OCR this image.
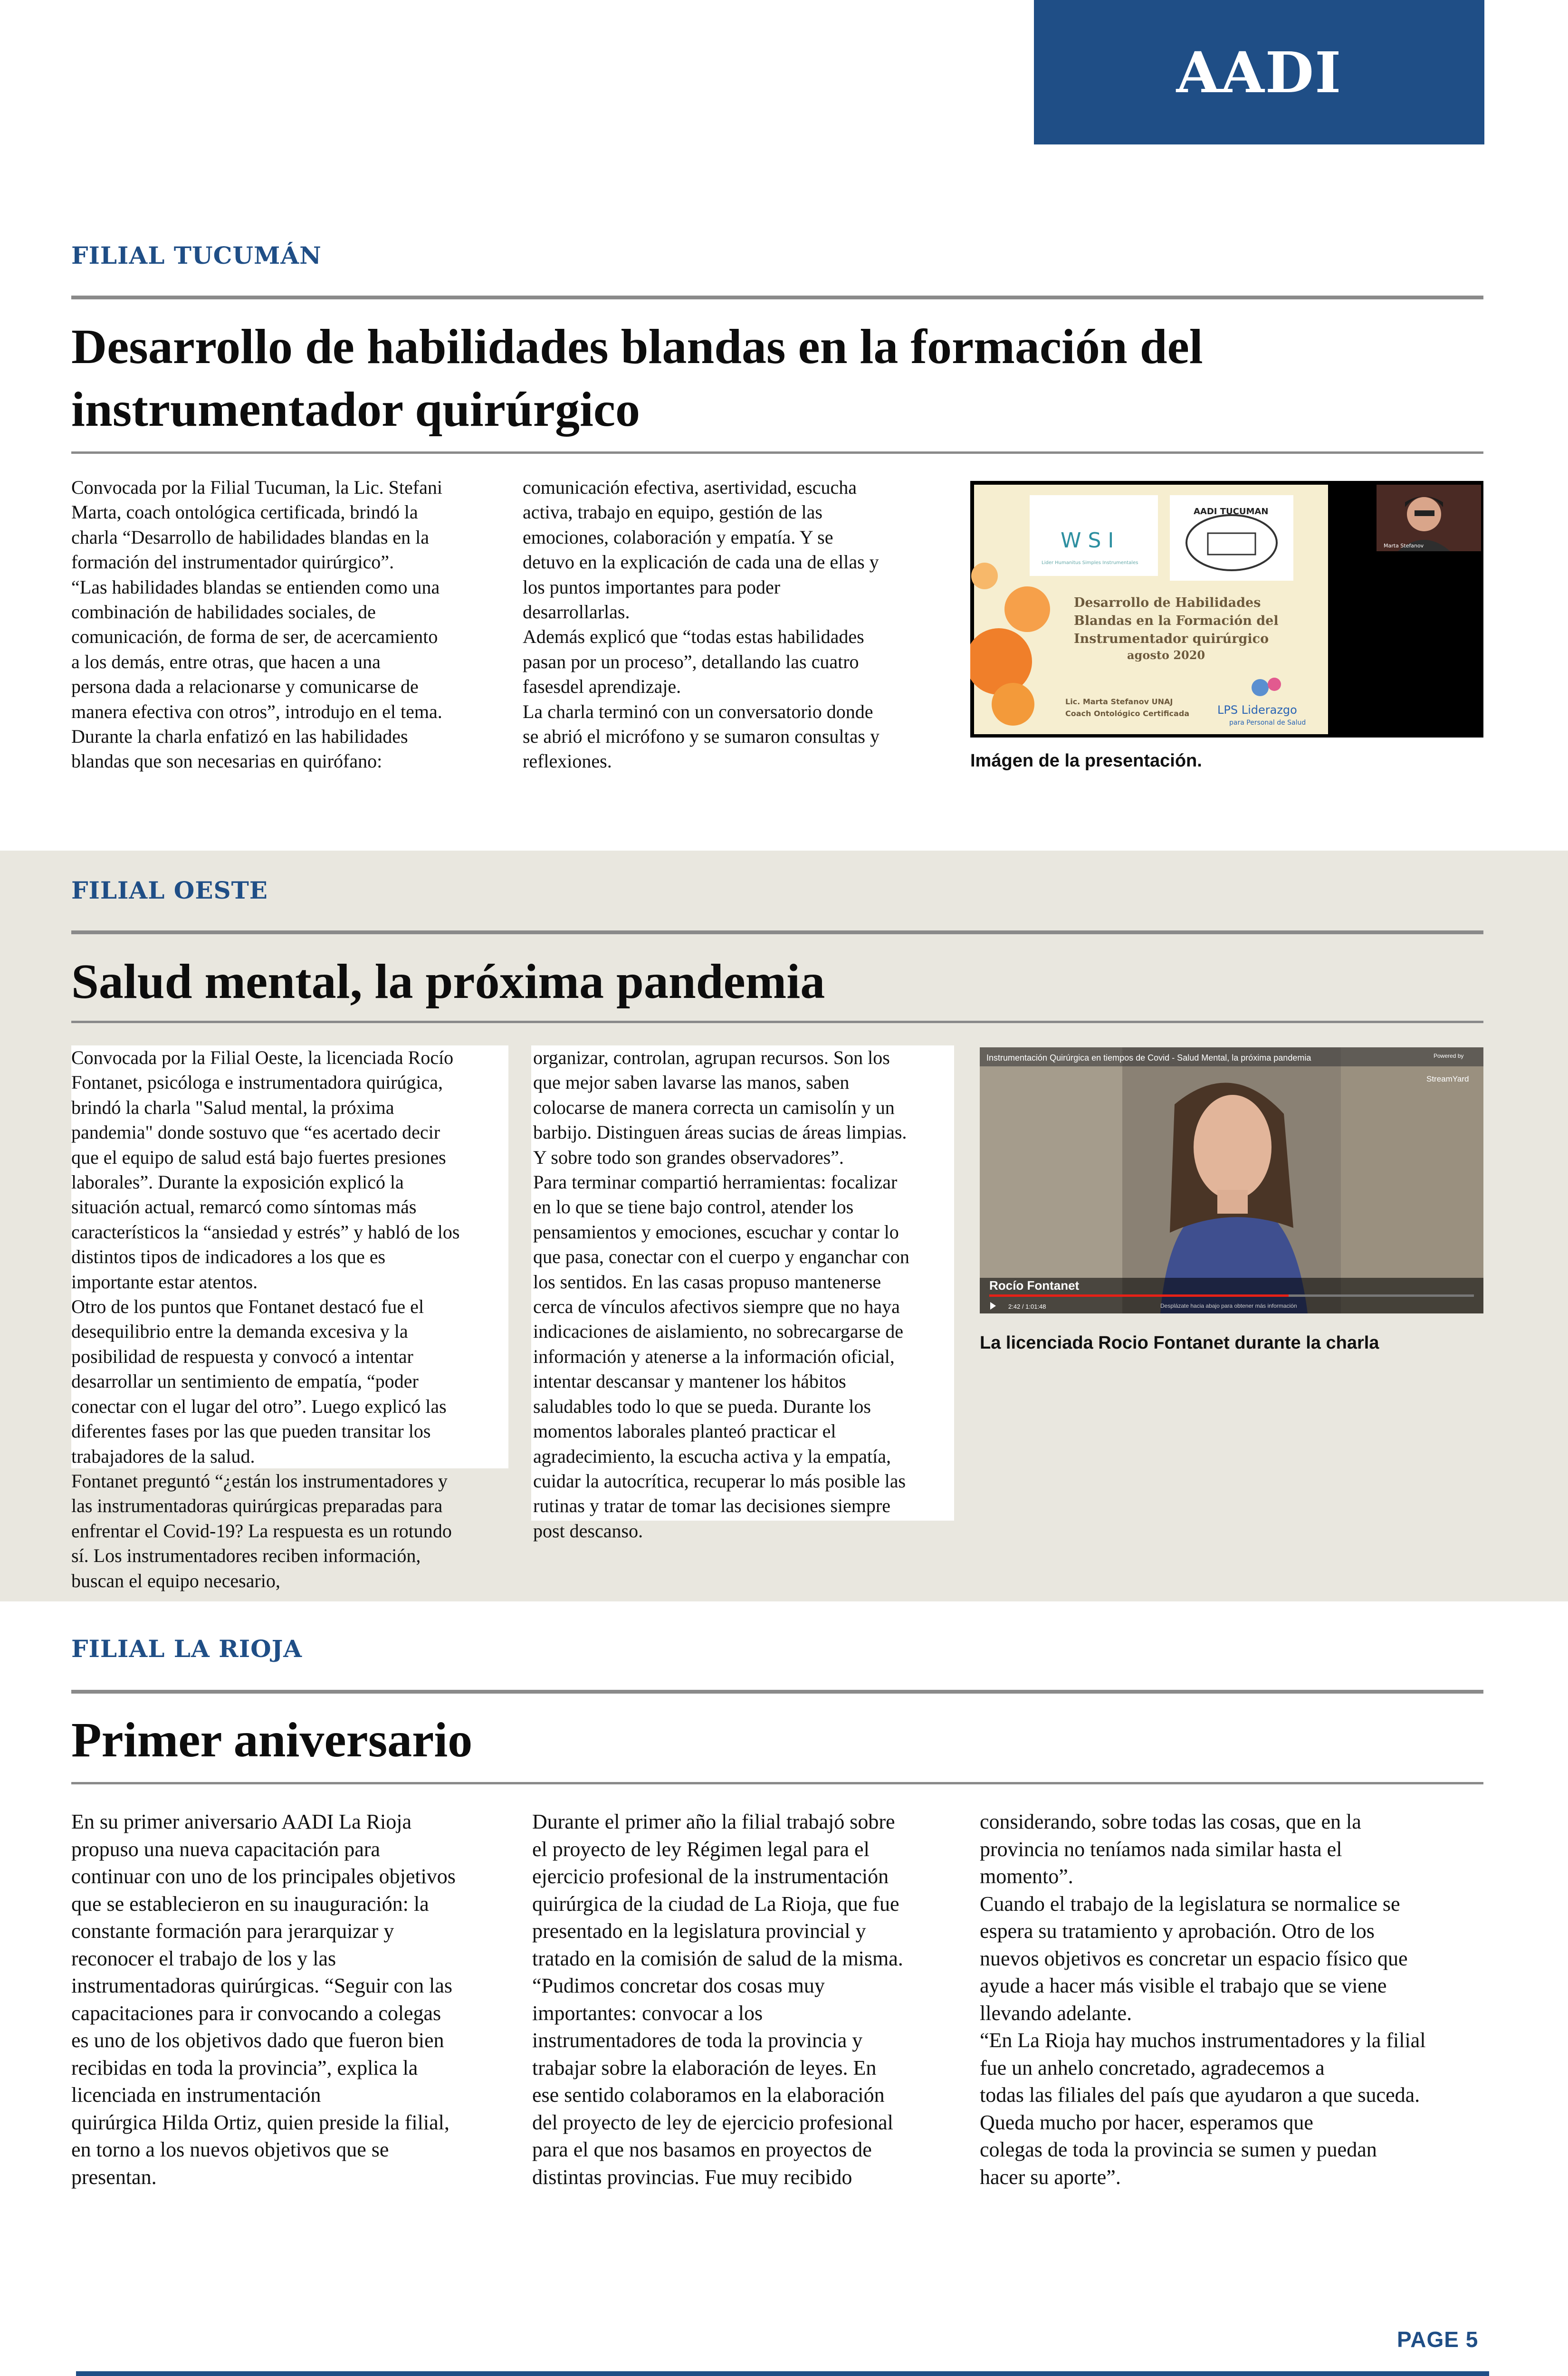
AADI
FILIAL TUCUMÁN
Desarrollo de habilidades blandas en la formación del
instrumentador quirúrgico

Convocada por la Filial Tucuman, la Lic. Stefani

Marta, coach ontológica certificada, brindó la

charla “Desarrollo de habilidades blandas en la

formación del instrumentador quirúrgico”.

“Las habilidades blandas se entienden como una

combinación de habilidades sociales, de

comunicación, de forma de ser, de acercamiento

a los demás, entre otras, que hacen a una

persona dada a relacionarse y comunicarse de

manera efectiva con otros”, introdujo en el tema.

Durante la charla enfatizó en las habilidades

blandas que son necesarias en quirófano:

comunicación efectiva, asertividad, escucha

activa, trabajo en equipo, gestión de las

emociones, colaboración y empatía. Y se

detuvo en la explicación de cada una de ellas y

los puntos importantes para poder

desarrollarlas.

Además explicó que “todas estas habilidades

pasan por un proceso”, detallando las cuatro

fasesdel aprendizaje.

La charla terminó con un conversatorio donde

se abrió el micrófono y se sumaron consultas y

reflexiones.

W S I
Lider Humanitus Simples Instrumentales
AADI TUCUMAN
Desarrollo de Habilidades
Blandas en la Formación del
Instrumentador quirúrgico
agosto 2020
Lic. Marta Stefanov UNAJ
Coach Ontológico Certificada LPS Liderazgo
para Personal de Salud
Marta Stefanov
Imágen de la presentación.
FILIAL OESTE
Salud mental, la próxima pandemia

Convocada por la Filial Oeste, la licenciada Rocío

Fontanet, psicóloga e instrumentadora quirúgica,

brindó la charla "Salud mental, la próxima

pandemia" donde sostuvo que “es acertado decir

que el equipo de salud está bajo fuertes presiones

laborales”. Durante la exposición explicó la

situación actual, remarcó como síntomas más

característicos la “ansiedad y estrés” y habló de los

distintos tipos de indicadores a los que es

importante estar atentos.

Otro de los puntos que Fontanet destacó fue el

desequilibrio entre la demanda excesiva y la

posibilidad de respuesta y convocó a intentar

desarrollar un sentimiento de empatía, “poder

conectar con el lugar del otro”. Luego explicó las

diferentes fases por las que pueden transitar los

trabajadores de la salud.

Fontanet preguntó “¿están los instrumentadores y

las instrumentadoras quirúrgicas preparadas para

enfrentar el Covid-19? La respuesta es un rotundo

sí. Los instrumentadores reciben información,

buscan el equipo necesario,

organizar, controlan, agrupan recursos. Son los

que mejor saben lavarse las manos, saben

colocarse de manera correcta un camisolín y un

barbijo. Distinguen áreas sucias de áreas limpias.

Y sobre todo son grandes observadores”.

Para terminar compartió herramientas: focalizar

en lo que se tiene bajo control, atender los

pensamientos y emociones, escuchar y contar lo

que pasa, conectar con el cuerpo y enganchar con

los sentidos. En las casas propuso mantenerse

cerca de vínculos afectivos siempre que no haya

indicaciones de aislamiento, no sobrecargarse de

información y atenerse a la información oficial,

intentar descansar y mantener los hábitos

saludables todo lo que se pueda. Durante los

momentos laborales planteó practicar el

agradecimiento, la escucha activa y la empatía,

cuidar la autocrítica, recuperar lo más posible las

rutinas y tratar de tomar las decisiones siempre

post descanso.

Instrumentación Quirúrgica en tiempos de Covid - Salud Mental, la próxima pandemia	Powered by
StreamYard
Rocío Fontanet
2:42 / 1:01:48	Desplázate hacia abajo para obtener más información
La licenciada Rocio Fontanet durante la charla
FILIAL LA RIOJA
Primer aniversario

En su primer aniversario AADI La Rioja

propuso una nueva capacitación para

continuar con uno de los principales objetivos

que se establecieron en su inauguración: la

constante formación para jerarquizar y

reconocer el trabajo de los y las

instrumentadoras quirúrgicas. “Seguir con las

capacitaciones para ir convocando a colegas

es uno de los objetivos dado que fueron bien

recibidas en toda la provincia”, explica la

licenciada en instrumentación

quirúrgica Hilda Ortiz, quien preside la filial,

en torno a los nuevos objetivos que se

presentan.

Durante el primer año la filial trabajó sobre

el proyecto de ley Régimen legal para el

ejercicio profesional de la instrumentación

quirúrgica de la ciudad de La Rioja, que fue

presentado en la legislatura provincial y

tratado en la comisión de salud de la misma.

“Pudimos concretar dos cosas muy

importantes: convocar a los

instrumentadores de toda la provincia y

trabajar sobre la elaboración de leyes. En

ese sentido colaboramos en la elaboración

del proyecto de ley de ejercicio profesional

para el que nos basamos en proyectos de

distintas provincias. Fue muy recibido

considerando, sobre todas las cosas, que en la

provincia no teníamos nada similar hasta el

momento”.

Cuando el trabajo de la legislatura se normalice se

espera su tratamiento y aprobación. Otro de los

nuevos objetivos es concretar un espacio físico que

ayude a hacer más visible el trabajo que se viene

llevando adelante.

“En La Rioja hay muchos instrumentadores y la filial

fue un anhelo concretado, agradecemos a

todas las filiales del país que ayudaron a que suceda.

Queda mucho por hacer, esperamos que

colegas de toda la provincia se sumen y puedan

hacer su aporte”.

PAGE 5
